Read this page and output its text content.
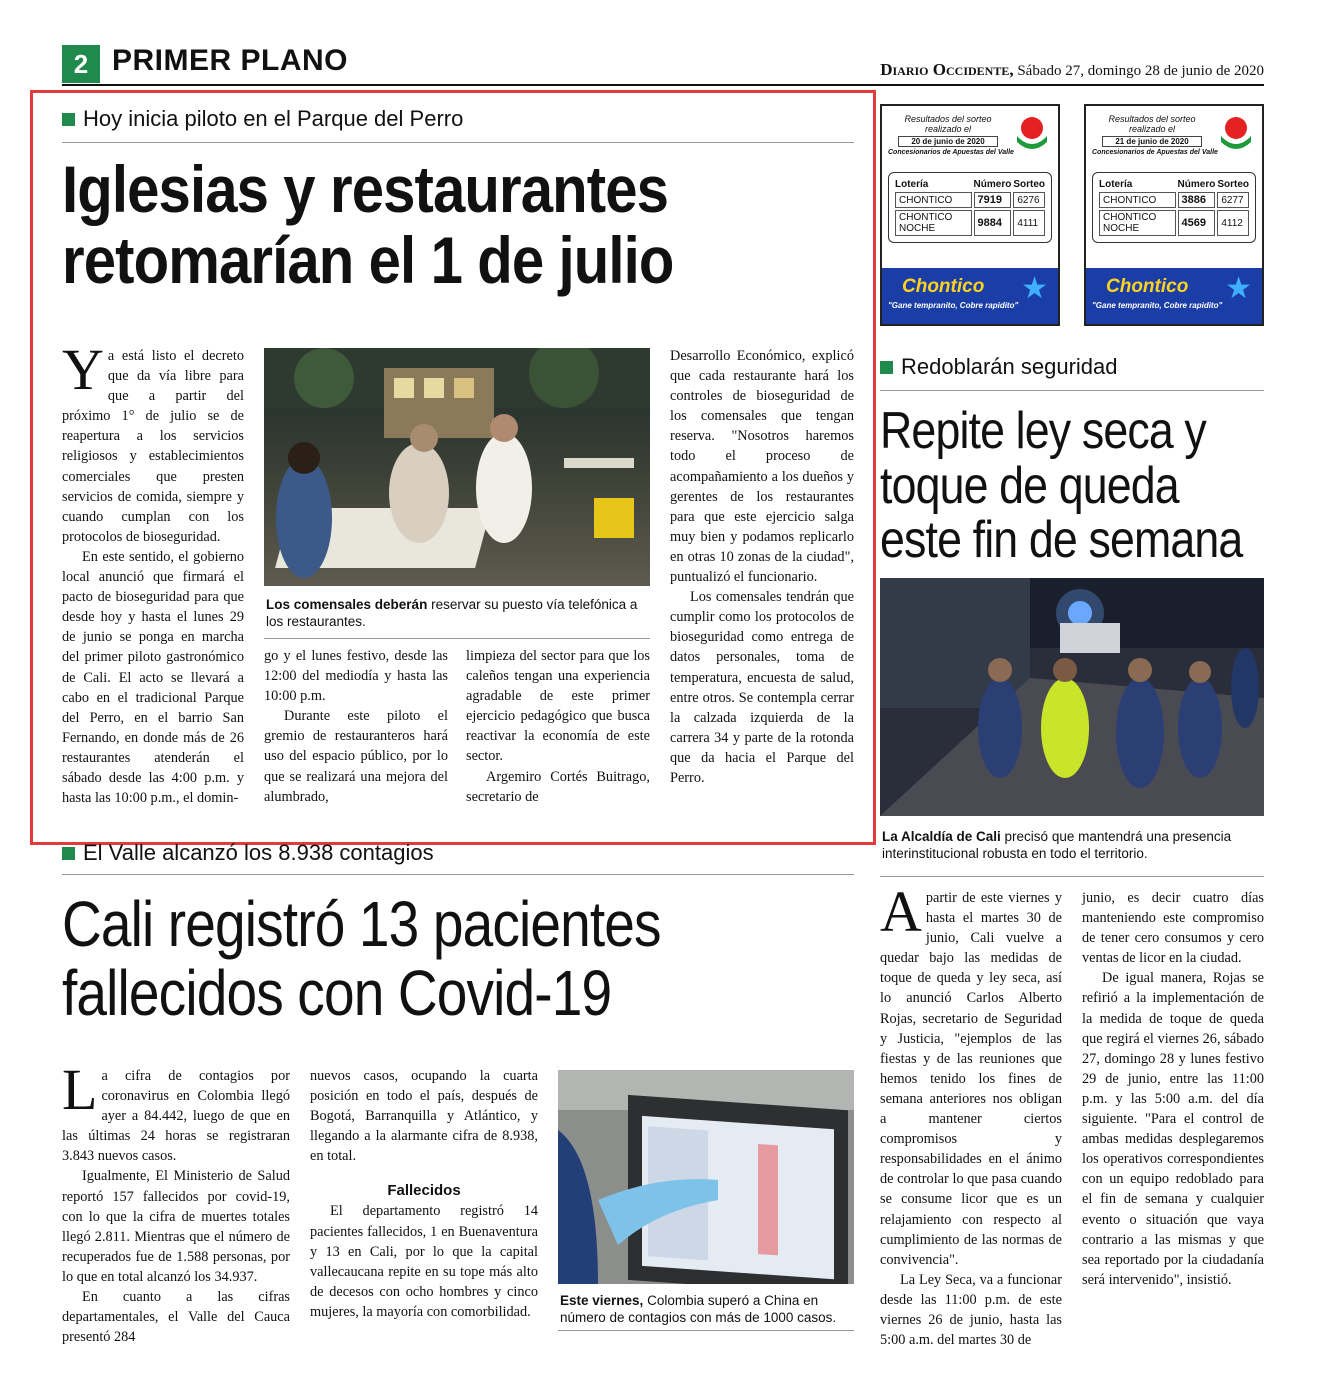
2 PRIMER PLANO	Diario Occidente, Sábado 27, domingo 28 de junio de 2020
Hoy inicia piloto en el Parque del Perro
Iglesias y restaurantes
retomarían el 1 de julio

Ya está listo el decreto que da vía libre para que a partir del próximo 1° de julio se de reapertura a los servicios religiosos y establecimientos comerciales que presten servicios de comida, siempre y cuando cumplan con los protocolos de bioseguridad.

En este sentido, el gobierno local anunció que firmará el pacto de bioseguridad para que desde hoy y hasta el lunes 29 de junio se ponga en marcha del primer piloto gastronómico de Cali. El acto se llevará a cabo en el tradicional Parque del Perro, en el barrio San Fernando, en donde más de 26 restaurantes atenderán el sábado desde las 4:00 p.m. y hasta las 10:00 p.m., el domin-

Los comensales deberán reservar su puesto vía telefónica a los restaurantes.

go y el lunes festivo, desde las 12:00 del mediodía y hasta las 10:00 p.m.

Durante este piloto el gremio de restauranteros hará uso del espacio público, por lo que se realizará una mejora del alumbrado,

limpieza del sector para que los caleños tengan una experiencia agradable de este primer ejercicio pedagógico que busca reactivar la economía de este sector.

Argemiro Cortés Buitrago, secretario de

Desarrollo Económico, explicó que cada restaurante hará los controles de bioseguridad de los comensales que tengan reserva. "Nosotros haremos todo el proceso de acompañamiento a los dueños y gerentes de los restaurantes para que este ejercicio salga muy bien y podamos replicarlo en otras 10 zonas de la ciudad", puntualizó el funcionario.

Los comensales tendrán que cumplir como los protocolos de bioseguridad como entrega de datos personales, toma de temperatura, encuesta de salud, entre otros. Se contempla cerrar la calzada izquierda de la carrera 34 y parte de la rotonda que da hacia el Parque del Perro.

Resultados del sorteo realizado el
20 de junio de 2020
Concesionarios de Apuestas del Valle
Lotería	Número	Sorteo
CHONTICO	7919	6276
CHONTICO NOCHE	9884	4111
Chontico
"Gane tempranito, Cobre rapidito"
★
Resultados del sorteo realizado el
21 de junio de 2020
Concesionarios de Apuestas del Valle
Lotería	Número	Sorteo
CHONTICO	3886	6277
CHONTICO NOCHE	4569	4112
Chontico
"Gane tempranito, Cobre rapidito"
★
Redoblarán seguridad
Repite ley seca y
toque de queda
este fin de semana
La Alcaldía de Cali precisó que mantendrá una presencia interinstitucional robusta en todo el territorio.

Apartir de este viernes y hasta el martes 30 de junio, Cali vuelve a quedar bajo las medidas de toque de queda y ley seca, así lo anunció Carlos Alberto Rojas, secretario de Seguridad y Justicia, "ejemplos de las fiestas y de las reuniones que hemos tenido los fines de semana anteriores nos obligan a mantener ciertos compromisos y responsabilidades en el ánimo de controlar lo que pasa cuando se consume licor que es un relajamiento con respecto al cumplimiento de las normas de convivencia".

La Ley Seca, va a funcionar desde las 11:00 p.m. de este viernes 26 de junio, hasta las 5:00 a.m. del martes 30 de

junio, es decir cuatro días manteniendo este compromiso de tener cero consumos y cero ventas de licor en la ciudad.

De igual manera, Rojas se refirió a la implementación de la medida de toque de queda que regirá el viernes 26, sábado 27, domingo 28 y lunes festivo 29 de junio, entre las 11:00 p.m. y las 5:00 a.m. del día siguiente. "Para el control de ambas medidas desplegaremos los operativos correspondientes con un equipo redoblado para el fin de semana y cualquier evento o situación que vaya contrario a las mismas y que sea reportado por la ciudadanía será intervenido", insistió.

El Valle alcanzó los 8.938 contagios
Cali registró 13 pacientes
fallecidos con Covid-19

La cifra de contagios por coronavirus en Colombia llegó ayer a 84.442, luego de que en las últimas 24 horas se registraran 3.843 nuevos casos.

Igualmente, El Ministerio de Salud reportó 157 fallecidos por covid-19, con lo que la cifra de muertes totales llegó 2.811. Mientras que el número de recuperados fue de 1.588 personas, por lo que en total alcanzó los 34.937.

En cuanto a las cifras departamentales, el Valle del Cauca presentó 284

nuevos casos, ocupando la cuarta posición en todo el país, después de Bogotá, Barranquilla y Atlántico, y llegando a la alarmante cifra de 8.938, en total.

Fallecidos

El departamento registró 14 pacientes fallecidos, 1 en Buenaventura y 13 en Cali, por lo que la capital vallecaucana repite en su tope más alto de decesos con ocho hombres y cinco mujeres, la mayoría con comorbilidad.

Este viernes, Colombia superó a China en número de contagios con más de 1000 casos.
